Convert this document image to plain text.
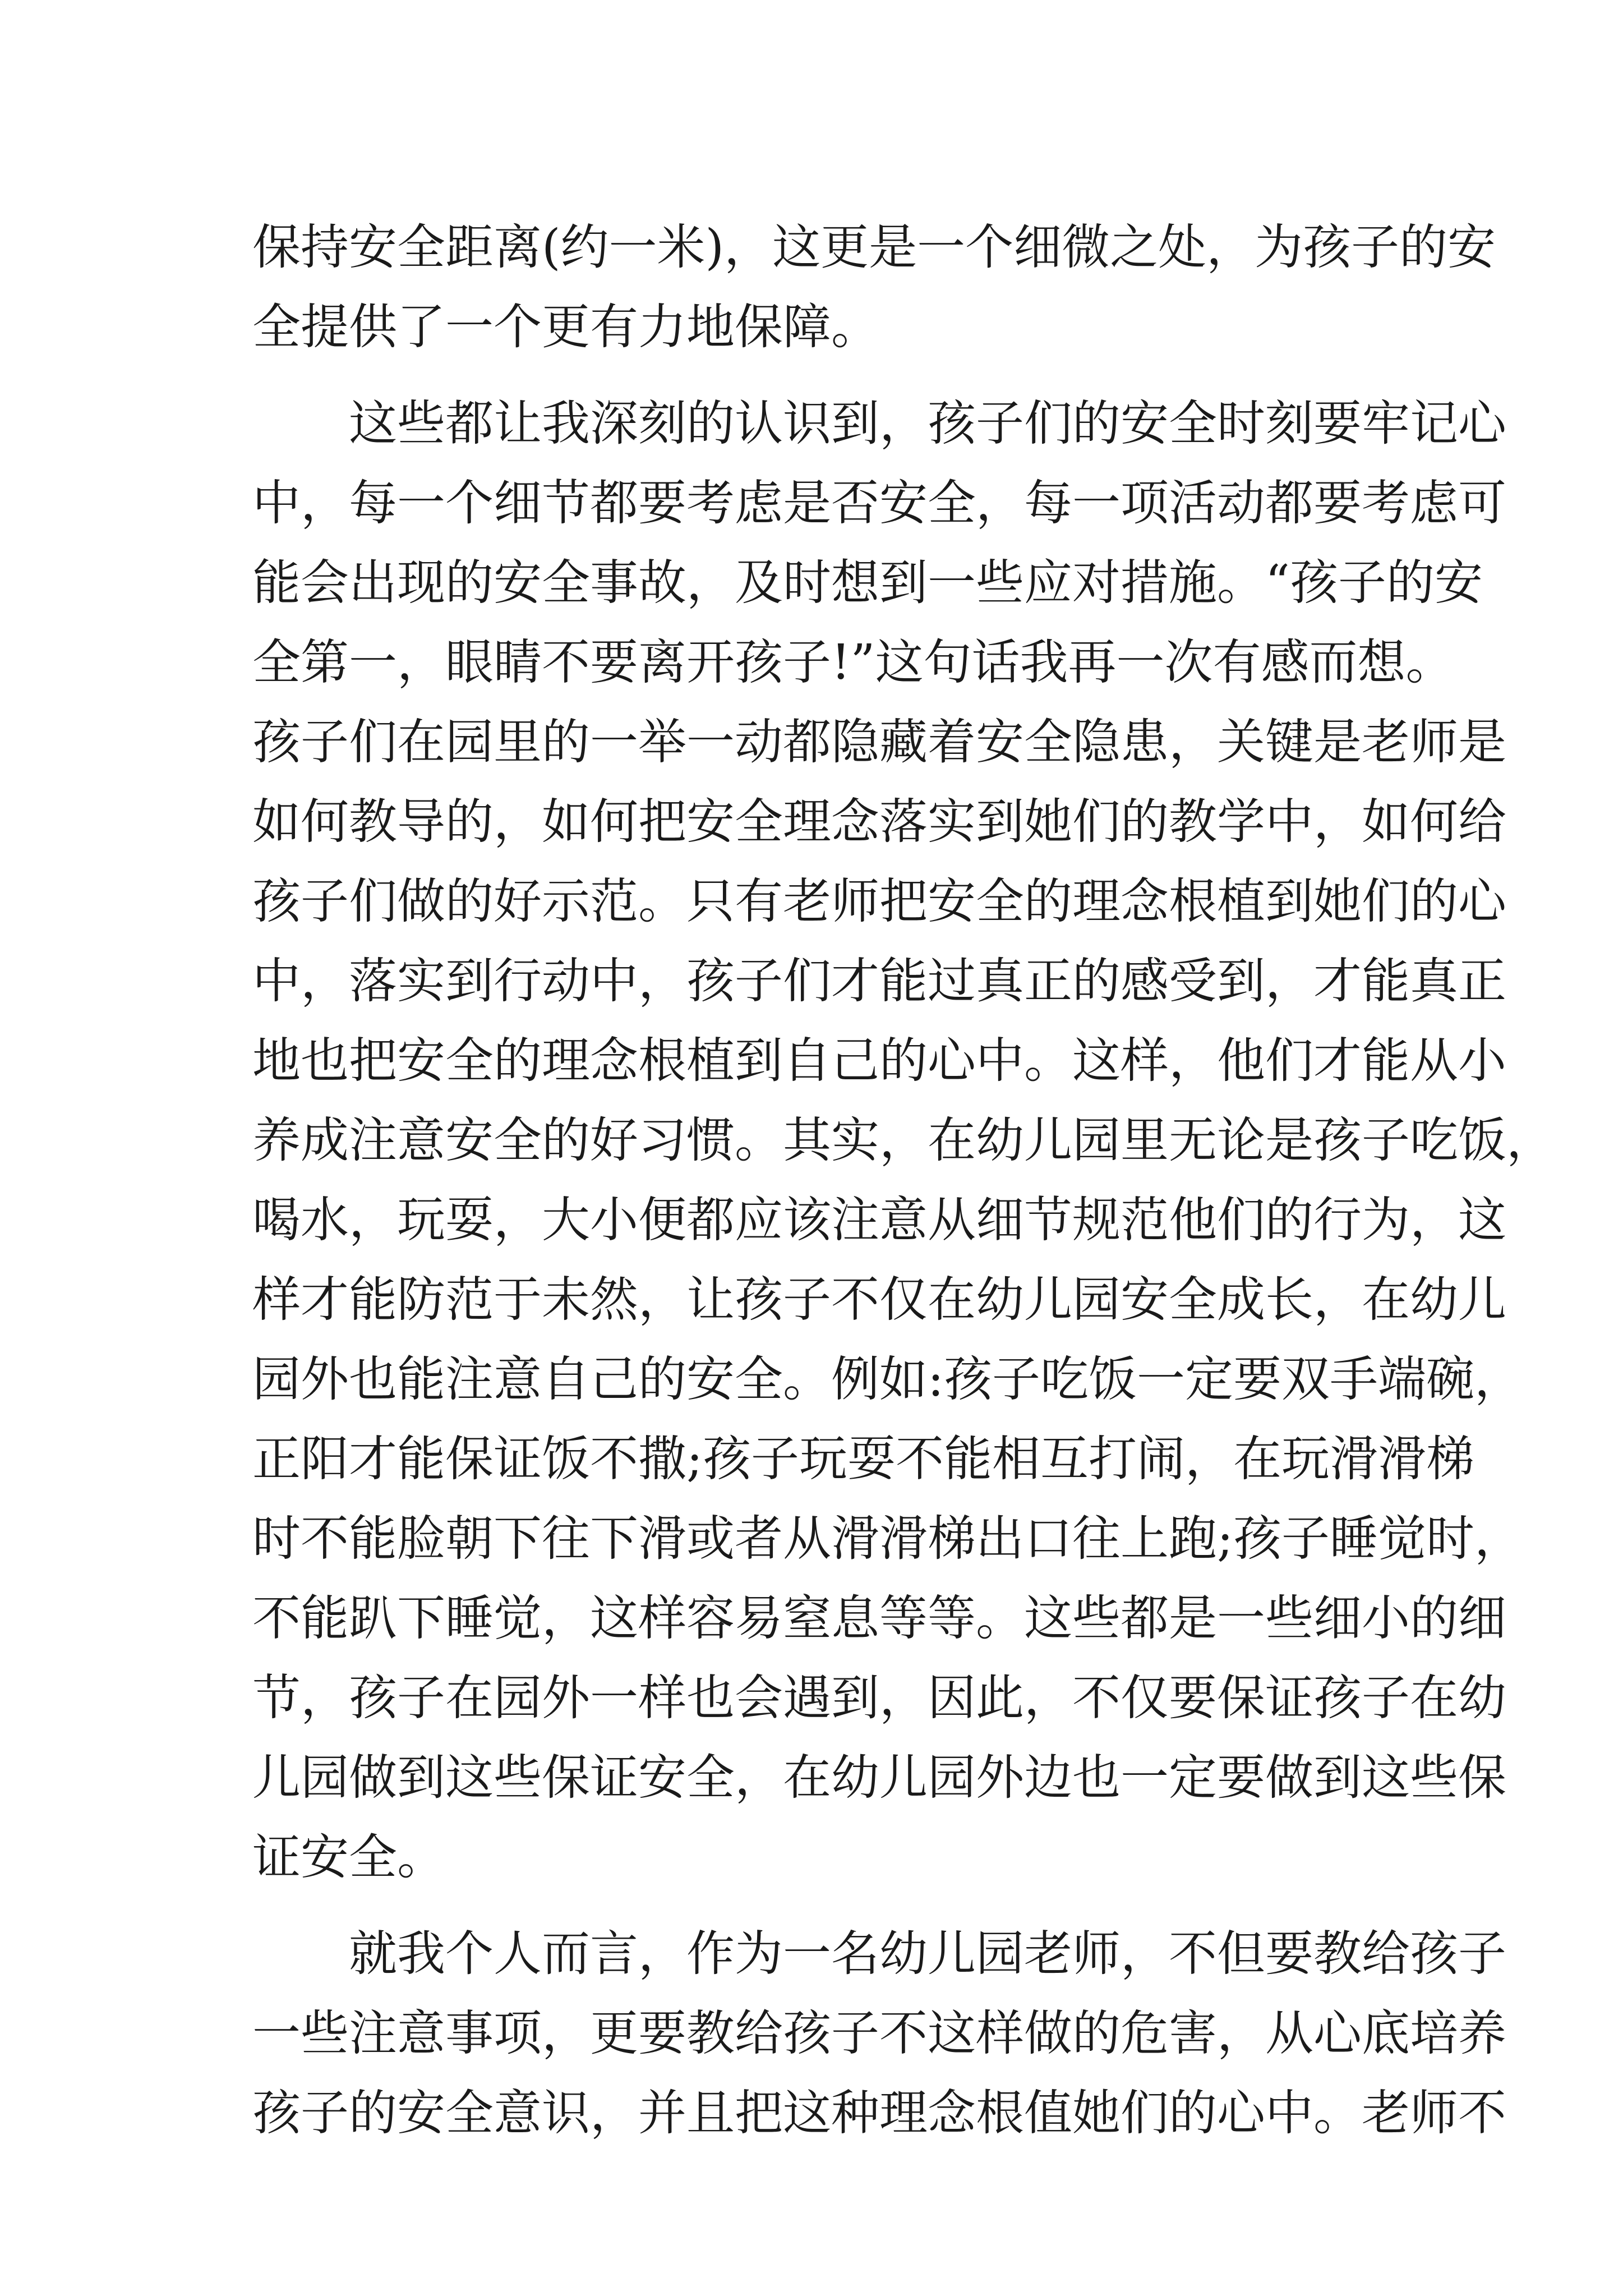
保持安全距离(约一米)，这更是一个细微之处，为孩子的安
全提供了一个更有力地保障。

　　这些都让我深刻的认识到，孩子们的安全时刻要牢记心
中，每一个细节都要考虑是否安全，每一项活动都要考虑可
能会出现的安全事故，及时想到一些应对措施。“孩子的安
全第一，眼睛不要离开孩子!”这句话我再一次有感而想。
孩子们在园里的一举一动都隐藏着安全隐患，关键是老师是
如何教导的，如何把安全理念落实到她们的教学中，如何给
孩子们做的好示范。只有老师把安全的理念根植到她们的心
中，落实到行动中，孩子们才能过真正的感受到，才能真正
地也把安全的理念根植到自己的心中。这样，他们才能从小
养成注意安全的好习惯。其实，在幼儿园里无论是孩子吃饭，
喝水，玩耍，大小便都应该注意从细节规范他们的行为，这
样才能防范于未然，让孩子不仅在幼儿园安全成长，在幼儿
园外也能注意自己的安全。例如:孩子吃饭一定要双手端碗，
正阳才能保证饭不撒;孩子玩耍不能相互打闹，在玩滑滑梯
时不能脸朝下往下滑或者从滑滑梯出口往上跑;孩子睡觉时，
不能趴下睡觉，这样容易窒息等等。这些都是一些细小的细
节，孩子在园外一样也会遇到，因此，不仅要保证孩子在幼
儿园做到这些保证安全，在幼儿园外边也一定要做到这些保
证安全。

　　就我个人而言，作为一名幼儿园老师，不但要教给孩子
一些注意事项，更要教给孩子不这样做的危害，从心底培养
孩子的安全意识，并且把这种理念根值她们的心中。老师不
